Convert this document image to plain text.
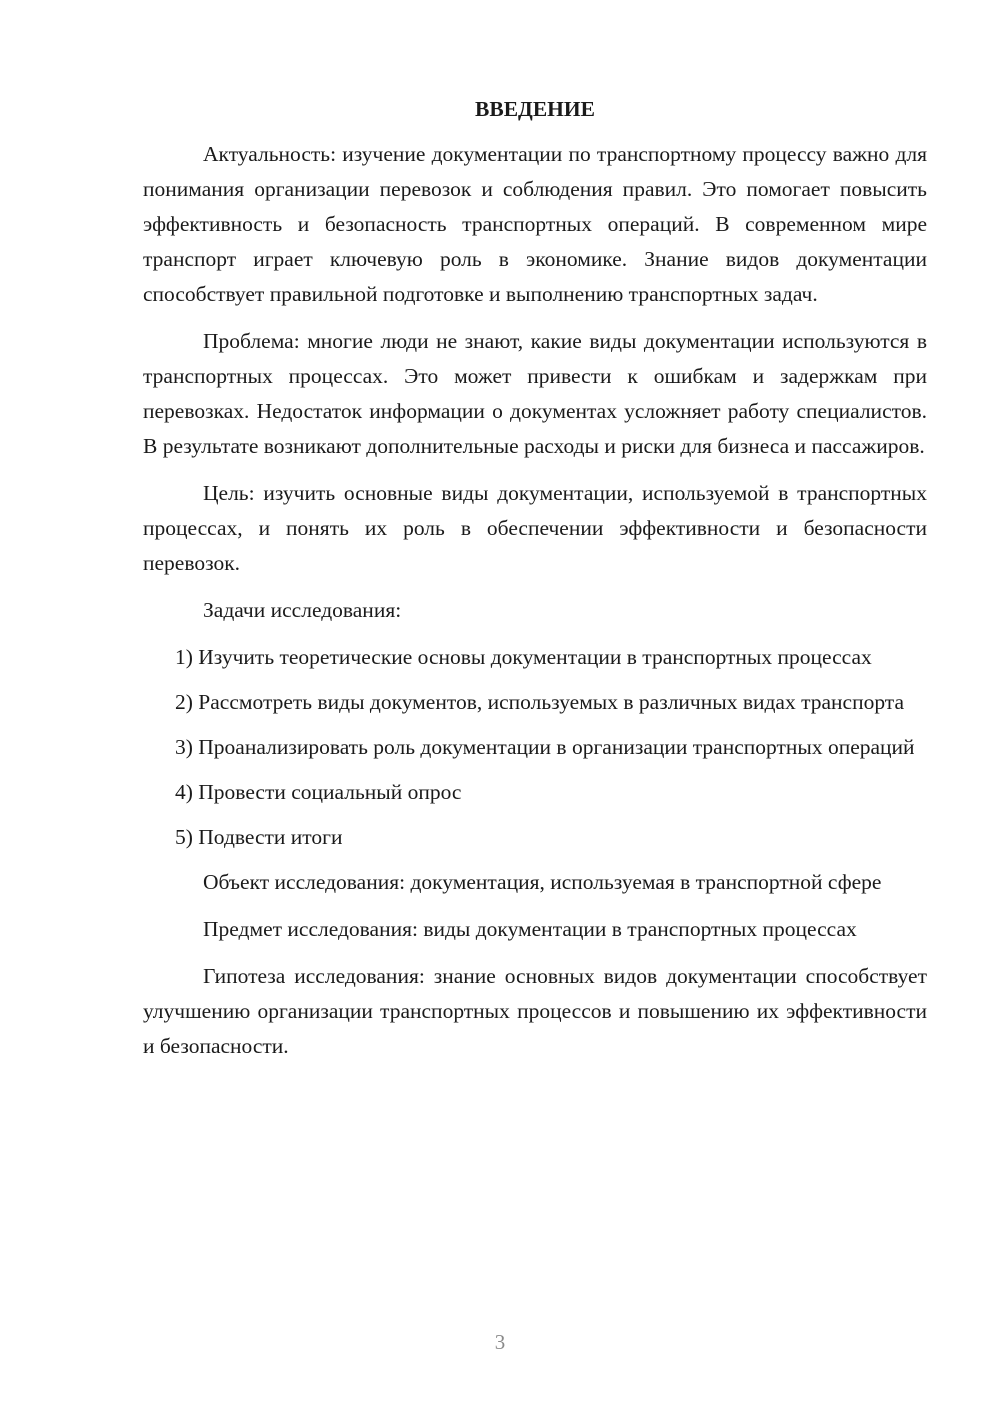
ВВЕДЕНИЕ

Актуальность: изучение документации по транспортному процессу важно для понимания организации перевозок и соблюдения правил. Это помогает повысить эффективность и безопасность транспортных операций. В современном мире транспорт играет ключевую роль в экономике. Знание видов документации способствует правильной подготовке и выполнению транспортных задач.

Проблема: многие люди не знают, какие виды документации используются в транспортных процессах. Это может привести к ошибкам и задержкам при перевозках. Недостаток информации о документах усложняет работу специалистов. В результате возникают дополнительные расходы и риски для бизнеса и пассажиров.

Цель: изучить основные виды документации, используемой в транспортных процессах, и понять их роль в обеспечении эффективности и безопасности перевозок.

Задачи исследования:

1) Изучить теоретические основы документации в транспортных процессах

2) Рассмотреть виды документов, используемых в различных видах транспорта

3) Проанализировать роль документации в организации транспортных операций

4) Провести социальный опрос

5) Подвести итоги

Объект исследования: документация, используемая в транспортной сфере

Предмет исследования: виды документации в транспортных процессах

Гипотеза исследования: знание основных видов документации способствует улучшению организации транспортных процессов и повышению их эффективности и безопасности.

3
